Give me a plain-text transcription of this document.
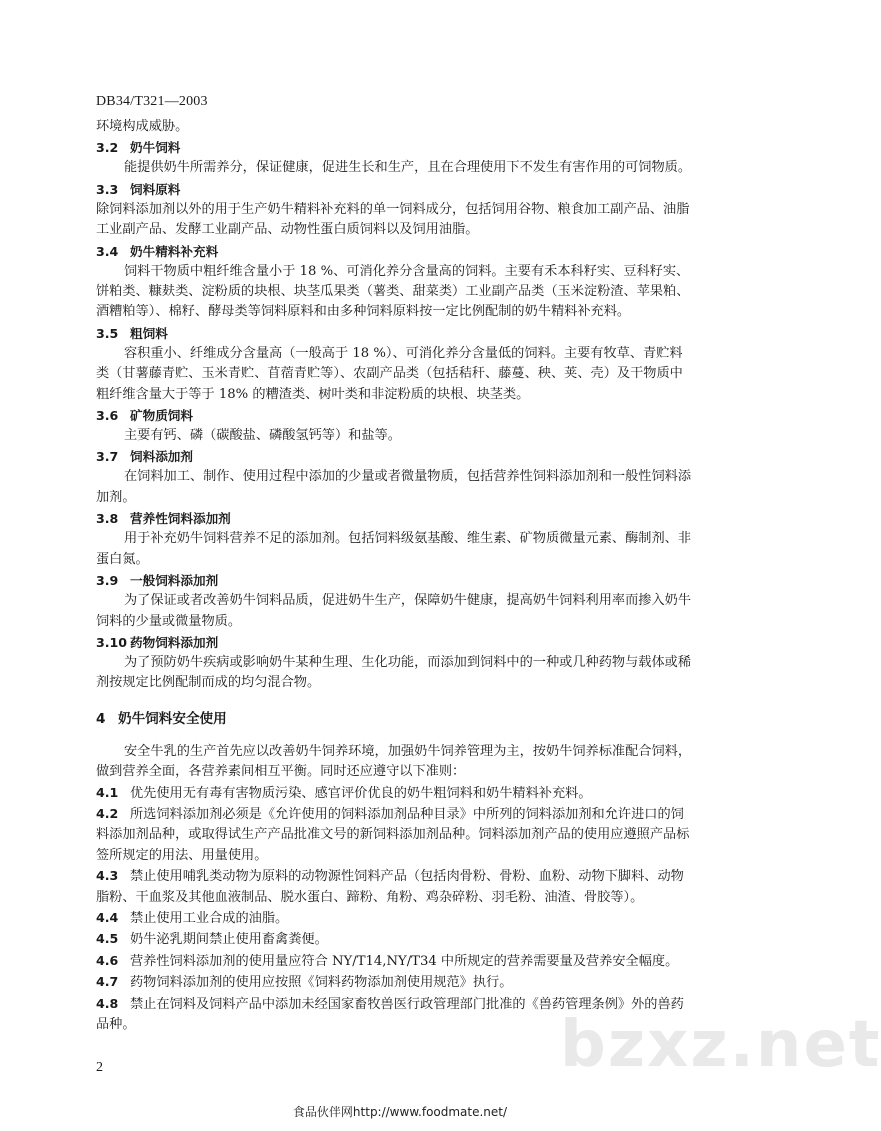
DB34/T321—2003
环境构成威胁。
3.2 奶牛饲料
能提供奶牛所需养分，保证健康，促进生长和生产，且在合理使用下不发生有害作用的可饲物质。
3.3 饲料原料
除饲料添加剂以外的用于生产奶牛精料补充料的单一饲料成分，包括饲用谷物、粮食加工副产品、油脂
工业副产品、发酵工业副产品、动物性蛋白质饲料以及饲用油脂。
3.4 奶牛精料补充料
饲料干物质中粗纤维含量小于 18 %、可消化养分含量高的饲料。主要有禾本科籽实、豆科籽实、
饼粕类、糠麸类、淀粉质的块根、块茎瓜果类（薯类、甜菜类）工业副产品类（玉米淀粉渣、苹果粕、
酒糟粕等）、棉籽、酵母类等饲料原料和由多种饲料原料按一定比例配制的奶牛精料补充料。
3.5 粗饲料
容积重小、纤维成分含量高（一般高于 18 %）、可消化养分含量低的饲料。主要有牧草、青贮料
类（甘薯藤青贮、玉米青贮、苜蓿青贮等）、农副产品类（包括秸秆、藤蔓、秧、荚、壳）及干物质中
粗纤维含量大于等于 18% 的糟渣类、树叶类和非淀粉质的块根、块茎类。
3.6 矿物质饲料
主要有钙、磷（碳酸盐、磷酸氢钙等）和盐等。
3.7 饲料添加剂
在饲料加工、制作、使用过程中添加的少量或者微量物质，包括营养性饲料添加剂和一般性饲料添
加剂。
3.8 营养性饲料添加剂
用于补充奶牛饲料营养不足的添加剂。包括饲料级氨基酸、维生素、矿物质微量元素、酶制剂、非
蛋白氮。
3.9 一般饲料添加剂
为了保证或者改善奶牛饲料品质，促进奶牛生产，保障奶牛健康，提高奶牛饲料利用率而掺入奶牛
饲料的少量或微量物质。
3.10 药物饲料添加剂
为了预防奶牛疾病或影响奶牛某种生理、生化功能，而添加到饲料中的一种或几种药物与载体或稀
剂按规定比例配制而成的均匀混合物。
4 奶牛饲料安全使用
安全牛乳的生产首先应以改善奶牛饲养环境，加强奶牛饲养管理为主，按奶牛饲养标准配合饲料，
做到营养全面，各营养素间相互平衡。同时还应遵守以下准则：
4.1 优先使用无有毒有害物质污染、感官评价优良的奶牛粗饲料和奶牛精料补充料。
4.2 所选饲料添加剂必须是《允许使用的饲料添加剂品种目录》中所列的饲料添加剂和允许进口的饲
料添加剂品种，或取得试生产产品批准文号的新饲料添加剂品种。饲料添加剂产品的使用应遵照产品标
签所规定的用法、用量使用。
4.3 禁止使用哺乳类动物为原料的动物源性饲料产品（包括肉骨粉、骨粉、血粉、动物下脚料、动物
脂粉、干血浆及其他血液制品、脱水蛋白、蹄粉、角粉、鸡杂碎粉、羽毛粉、油渣、骨胶等）。
4.4 禁止使用工业合成的油脂。
4.5 奶牛泌乳期间禁止使用畜禽粪便。
4.6 营养性饲料添加剂的使用量应符合 NY/T14,NY/T34 中所规定的营养需要量及营养安全幅度。
4.7 药物饲料添加剂的使用应按照《饲料药物添加剂使用规范》执行。
4.8 禁止在饲料及饲料产品中添加未经国家畜牧兽医行政管理部门批准的《兽药管理条例》外的兽药
品种。	bzxz.net
2
食品伙伴网http://www.foodmate.net/
